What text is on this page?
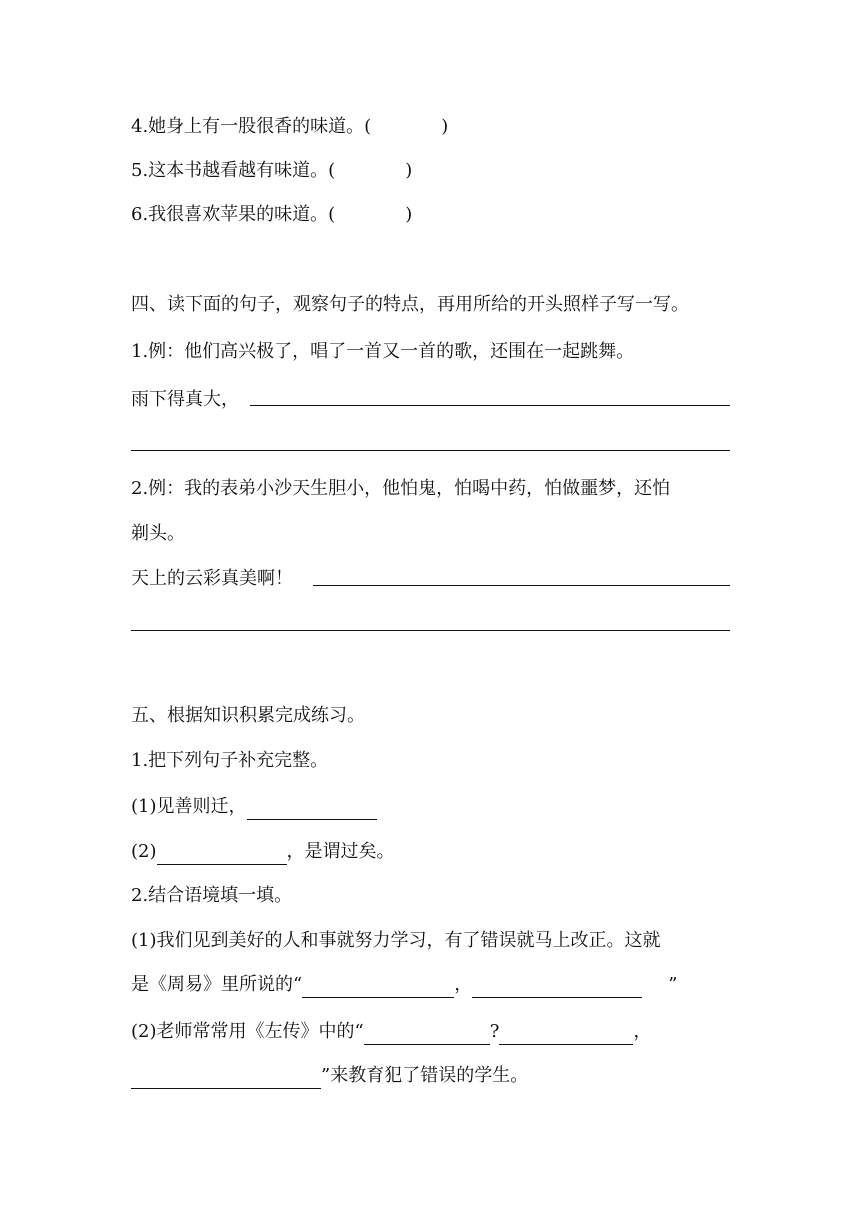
4.她身上有一股很香的味道。(	)
5.这本书越看越有味道。(	)
6.我很喜欢苹果的味道。(	)
四、读下面的句子，观察句子的特点，再用所给的开头照样子写一写。
1.例：他们高兴极了，唱了一首又一首的歌，还围在一起跳舞。
雨下得真大，
2.例：我的表弟小沙天生胆小，他怕鬼，怕喝中药，怕做噩梦，还怕
剃头。
天上的云彩真美啊！
五、根据知识积累完成练习。
1.把下列句子补充完整。
(1)见善则迁，
(2)	，是谓过矣。
2.结合语境填一填。
(1)我们见到美好的人和事就努力学习，有了错误就马上改正。这就
是《周易》里所说的“	，	”
(2)老师常常用《左传》中的“	?	，
”来教育犯了错误的学生。
